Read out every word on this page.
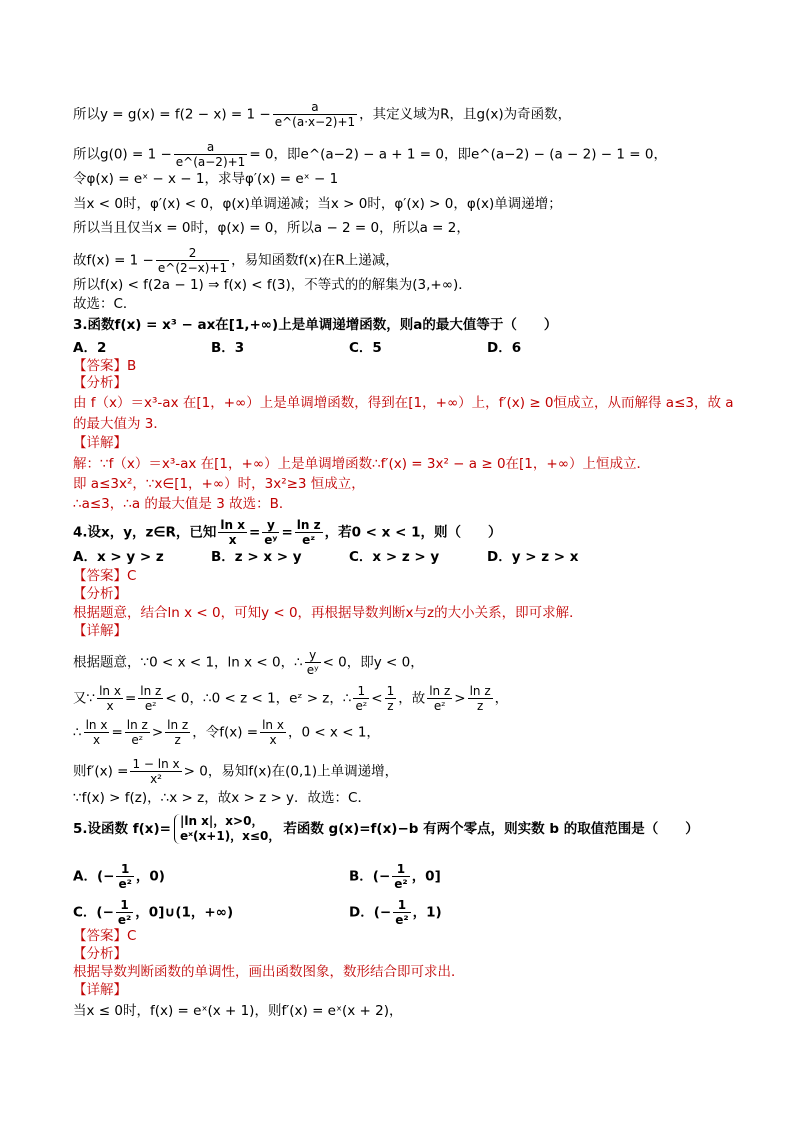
所以$y = g(x) = f(2 - x) = 1 - \frac{a}{e\^{}(a\cdot x-2)+1}$ ，其定义域为R，且g(x)为奇函数，
所以$g(0) = 1 - \frac{a}{e\^{}(a-2)+1} = 0$，即e^(a−2) − a + 1 = 0，即e^(a−2) − (a − 2) − 1 = 0，
令φ(x) = eˣ − x − 1，求导φ′(x) = eˣ − 1
当x < 0时，φ′(x) < 0，φ(x)单调递减；当x > 0时，φ′(x) > 0，φ(x)单调递增；
所以当且仅当x = 0时，φ(x) = 0，所以a − 2 = 0，所以a = 2，
故$f(x) = 1 - \frac{2}{e\^{}(2-x)+1}$ ，易知函数f(x)在R上递减，
所以f(x) < f(2a − 1) ⇒ f(x) < f(3)，不等式的的解集为(3,+∞)．
故选：C．
3.函数f(x) = x³ − ax在[1,+∞)上是单调递增函数，则a的最大值等于（　　）
A．2	B．3	C．5	D．6
【答案】B
【分析】
由 f（x）＝x³-ax 在[1，+∞）上是单调增函数，得到在[1，+∞）上，f′(x) ≥ 0恒成立，从而解得 a≤3，故 a
的最大值为 3．
【详解】
解：∵f（x）＝x³-ax 在[1，+∞）上是单调增函数∴f′(x) = 3x² − a ≥ 0在[1，+∞）上恒成立．
即 a≤3x²，∵x∈[1，+∞）时，3x²≥3 恒成立，
∴a≤3，∴a 的最大值是 3 故选：B．
4.设x，y，z∈R，已知 $\frac{\text{ln x}}{x} = \frac{y}{\text{eʸ}} = \frac{\text{ln z}}{\text{eᶻ}}$ ，若0 < x < 1，则（　　）
A．x > y > z	B．z > x > y	C．x > z > y	D．y > z > x
【答案】C
【分析】
根据题意，结合ln x < 0，可知y < 0，再根据导数判断x与z的大小关系，即可求解．
【详解】
根据题意，∵0 < x < 1，ln x < 0，∴ $\frac{y}{\text{eʸ}} < 0$，即y < 0，
又∵ $\frac{\text{ln x}}{x} = \frac{\text{ln z}}{\text{eᶻ}} < 0$，∴0 < z < 1，eᶻ > z，∴ $\frac{1}{\text{eᶻ}} < \frac{1}{z}$ ，故 $\frac{\text{ln z}}{\text{eᶻ}} > \frac{\text{ln z}}{z}$ ，
∴ $\frac{\text{ln x}}{x} = \frac{\text{ln z}}{\text{eᶻ}} > \frac{\text{ln z}}{z}$ ，令$f(x) = \frac{\text{ln x}}{x}$ ，0 < x < 1，
则$f'(x) = \frac{\text{1 − ln x}}{\text{x²}} > 0$，易知f(x)在(0,1)上单调递增，
∵f(x) > f(z)，∴x > z，故x > z > y．故选：C．
5.设函数 f(x)= |ln x|，x>0，
eˣ(x+1)，x≤0， 若函数 g(x)=f(x)−b 有两个零点，则实数 b 的取值范围是（　　）
A．(− $\frac{1}{\text{e²}}$ ，0)	B．(− $\frac{1}{\text{e²}}$ ，0]
C．(− $\frac{1}{\text{e²}}$ ，0]∪(1，+∞)	D．(− $\frac{1}{\text{e²}}$ ，1)
【答案】C
【分析】
根据导数判断函数的单调性，画出函数图象，数形结合即可求出．
【详解】
当x ≤ 0时，f(x) = eˣ(x + 1)，则f′(x) = eˣ(x + 2)，
